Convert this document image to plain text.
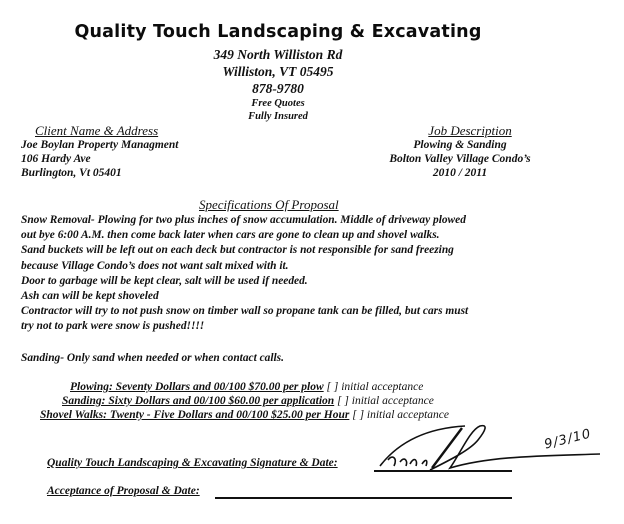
Quality Touch Landscaping & Excavating
349 North Williston Rd
Williston, VT 05495
878-9780
Free Quotes
Fully Insured
Client Name & Address
Joe Boylan Property Managment
106 Hardy Ave
Burlington, Vt 05401
Job Description
Plowing & Sanding
Bolton Valley Village Condo’s
2010 / 2011
Specifications Of Proposal
Snow Removal- Plowing for two plus inches of snow accumulation. Middle of driveway plowed
out bye 6:00 A.M. then come back later when cars are gone to clean up and shovel walks.
Sand buckets will be left out on each deck but contractor is not responsible for sand freezing
because Village Condo’s does not want salt mixed with it.
Door to garbage will be kept clear, salt will be used if needed.
Ash can will be kept shoveled
Contractor will try to not push snow on timber wall so propane tank can be filled, but cars must
try not to park were snow is pushed!!!!
Sanding- Only sand when needed or when contact calls.
Plowing: Seventy Dollars and 00/100 $70.00 per plow [ ] initial acceptance
Sanding: Sixty Dollars and 00/100 $60.00 per application [ ] initial acceptance
Shovel Walks: Twenty - Five Dollars and 00/100 $25.00 per Hour [ ] initial acceptance
Quality Touch Landscaping & Excavating Signature & Date:
9/3/10
Acceptance of Proposal & Date:
